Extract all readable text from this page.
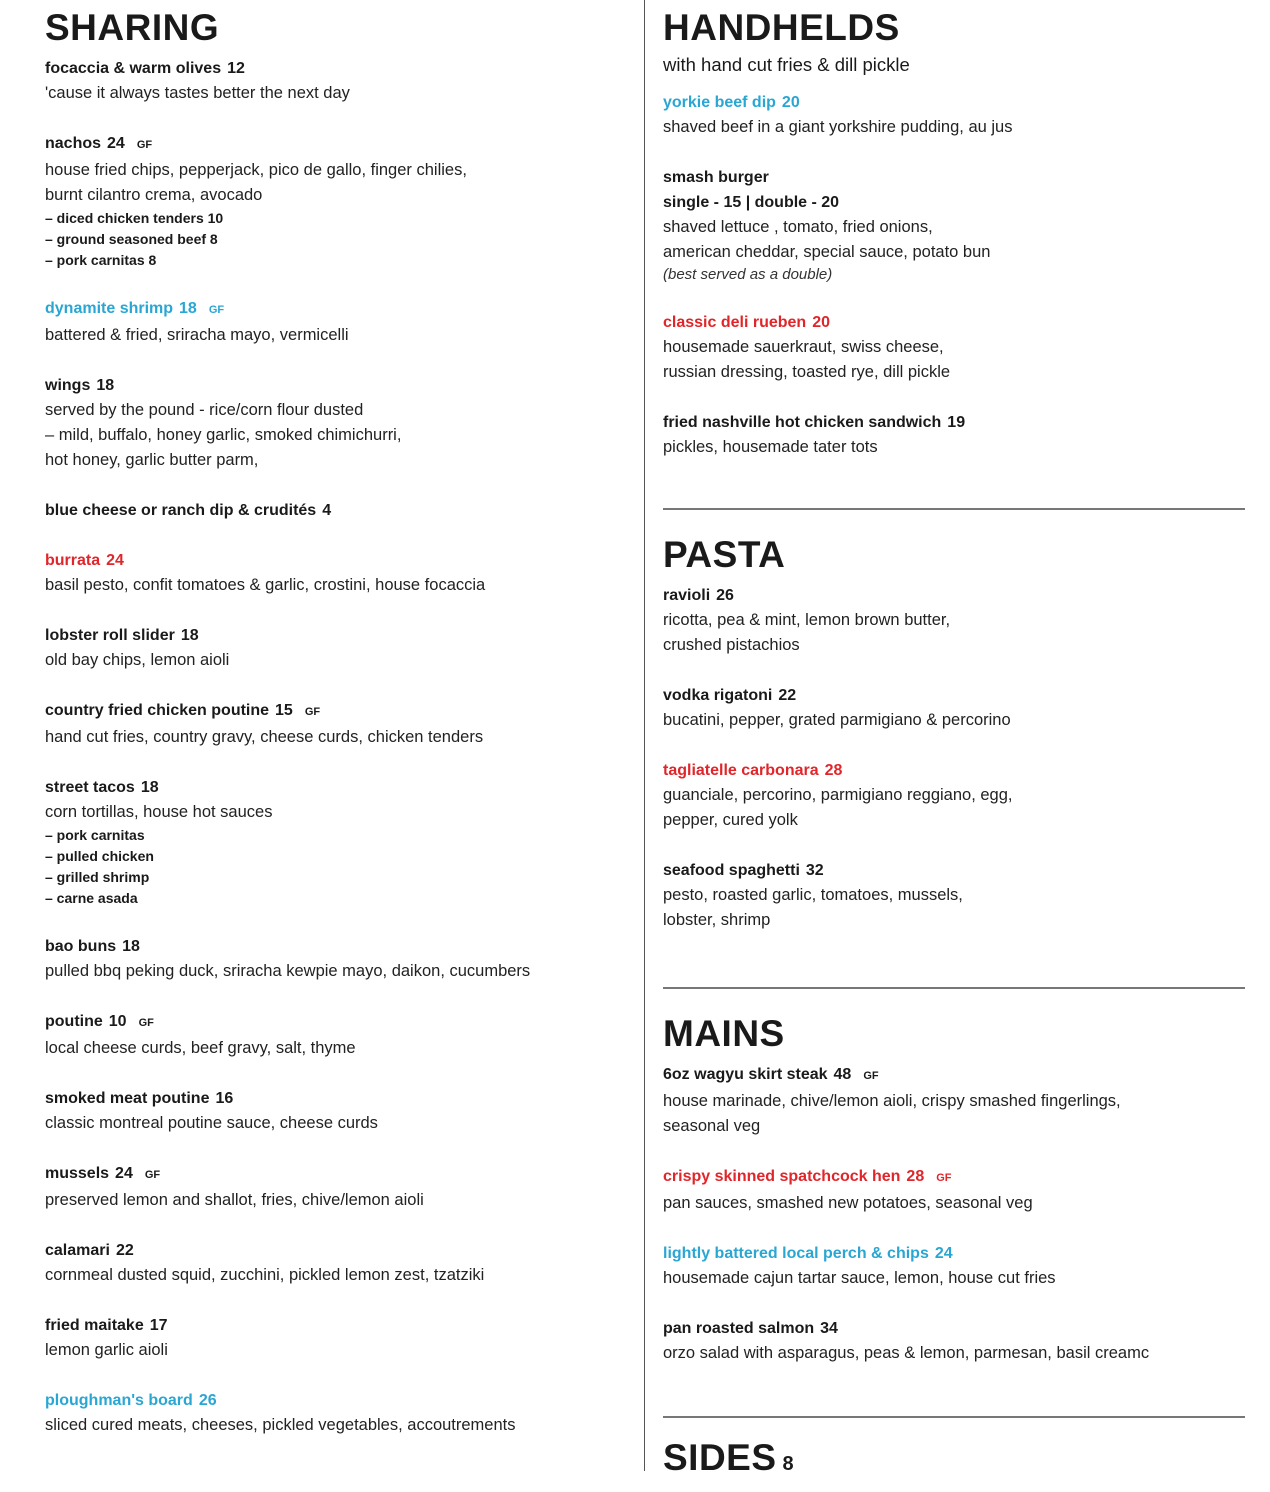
SHARING
focaccia & warm olives 12
'cause it always tastes better the next day
nachos 24 GF
house fried chips, pepperjack, pico de gallo, finger chilies,
burnt cilantro crema, avocado
– diced chicken tenders 10
– ground seasoned beef 8
– pork carnitas 8
dynamite shrimp 18 GF
battered & fried, sriracha mayo, vermicelli
wings 18
served by the pound - rice/corn flour dusted
– mild, buffalo, honey garlic, smoked chimichurri,
hot honey, garlic butter parm,
blue cheese or ranch dip & crudités 4
burrata 24
basil pesto, confit tomatoes & garlic, crostini, house focaccia
lobster roll slider 18
old bay chips, lemon aioli
country fried chicken poutine 15 GF
hand cut fries, country gravy, cheese curds, chicken tenders
street tacos 18
corn tortillas, house hot sauces
– pork carnitas
– pulled chicken
– grilled shrimp
– carne asada
bao buns 18
pulled bbq peking duck, sriracha kewpie mayo, daikon, cucumbers
poutine 10 GF
local cheese curds, beef gravy, salt, thyme
smoked meat poutine 16
classic montreal poutine sauce, cheese curds
mussels 24 GF
preserved lemon and shallot, fries, chive/lemon aioli
calamari 22
cornmeal dusted squid, zucchini, pickled lemon zest, tzatziki
fried maitake 17
lemon garlic aioli
ploughman's board 26
sliced cured meats, cheeses, pickled vegetables, accoutrements
HANDHELDS
with hand cut fries & dill pickle
yorkie beef dip 20
shaved beef in a giant yorkshire pudding, au jus
smash burger
single - 15 | double - 20
shaved lettuce , tomato, fried onions,
american cheddar, special sauce, potato bun
(best served as a double)
classic deli rueben 20
housemade sauerkraut, swiss cheese,
russian dressing, toasted rye, dill pickle
fried nashville hot chicken sandwich 19
pickles, housemade tater tots
PASTA
ravioli 26
ricotta, pea & mint, lemon brown butter,
crushed pistachios
vodka rigatoni 22
bucatini, pepper, grated parmigiano & percorino
tagliatelle carbonara 28
guanciale, percorino, parmigiano reggiano, egg,
pepper, cured yolk
seafood spaghetti 32
pesto, roasted garlic, tomatoes, mussels,
lobster, shrimp
MAINS
6oz wagyu skirt steak 48 GF
house marinade, chive/lemon aioli, crispy smashed fingerlings,
seasonal veg
crispy skinned spatchcock hen 28 GF
pan sauces, smashed new potatoes, seasonal veg
lightly battered local perch & chips 24
housemade cajun tartar sauce, lemon, house cut fries
pan roasted salmon 34
orzo salad with asparagus, peas & lemon, parmesan, basil creamc
SIDES 8
